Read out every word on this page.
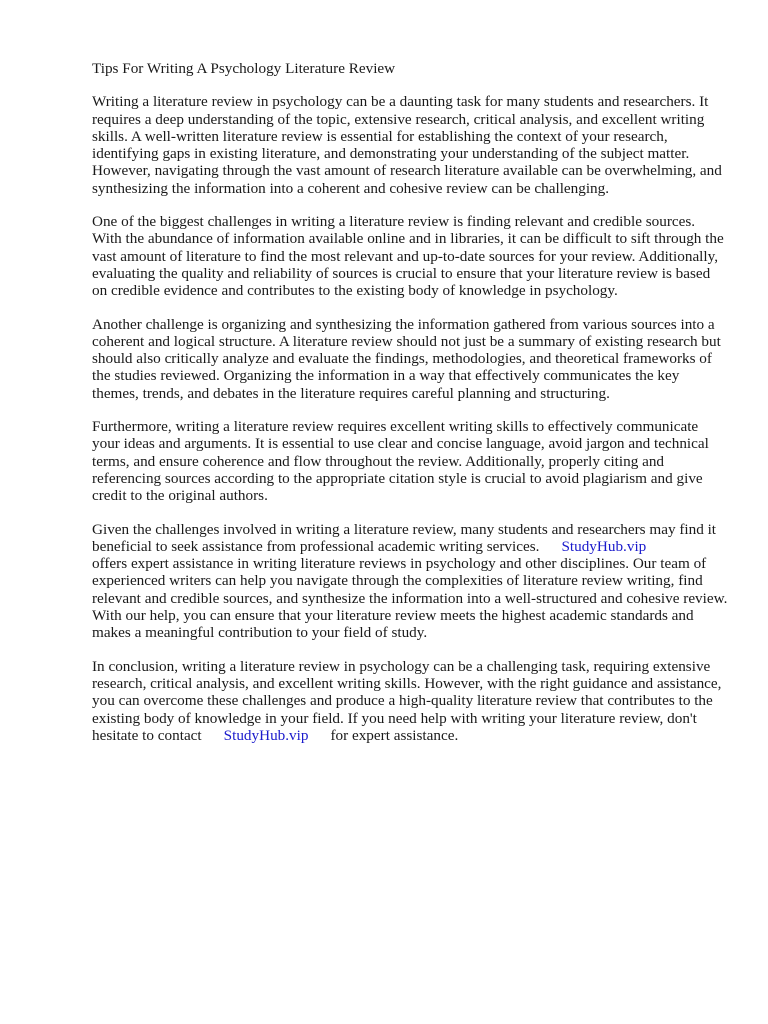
Tips For Writing A Psychology Literature Review

Writing a literature review in psychology can be a daunting task for many students and researchers. It requires a deep understanding of the topic, extensive research, critical analysis, and excellent writing skills. A well-written literature review is essential for establishing the context of your research, identifying gaps in existing literature, and demonstrating your understanding of the subject matter. However, navigating through the vast amount of research literature available can be overwhelming, and synthesizing the information into a coherent and cohesive review can be challenging.

One of the biggest challenges in writing a literature review is finding relevant and credible sources. With the abundance of information available online and in libraries, it can be difficult to sift through the vast amount of literature to find the most relevant and up-to-date sources for your review. Additionally, evaluating the quality and reliability of sources is crucial to ensure that your literature review is based on credible evidence and contributes to the existing body of knowledge in psychology.

Another challenge is organizing and synthesizing the information gathered from various sources into a coherent and logical structure. A literature review should not just be a summary of existing research but should also critically analyze and evaluate the findings, methodologies, and theoretical frameworks of the studies reviewed. Organizing the information in a way that effectively communicates the key themes, trends, and debates in the literature requires careful planning and structuring.

Furthermore, writing a literature review requires excellent writing skills to effectively communicate your ideas and arguments. It is essential to use clear and concise language, avoid jargon and technical terms, and ensure coherence and flow throughout the review. Additionally, properly citing and referencing sources according to the appropriate citation style is crucial to avoid plagiarism and give credit to the original authors.

Given the challenges involved in writing a literature review, many students and researchers may find it beneficial to seek assistance from professional academic writing services. StudyHub.vip
offers expert assistance in writing literature reviews in psychology and other disciplines. Our team of experienced writers can help you navigate through the complexities of literature review writing, find relevant and credible sources, and synthesize the information into a well-structured and cohesive review. With our help, you can ensure that your literature review meets the highest academic standards and makes a meaningful contribution to your field of study.

In conclusion, writing a literature review in psychology can be a challenging task, requiring extensive research, critical analysis, and excellent writing skills. However, with the right guidance and assistance, you can overcome these challenges and produce a high-quality literature review that contributes to the existing body of knowledge in your field. If you need help with writing your literature review, don't hesitate to contact StudyHub.vip for expert assistance.
